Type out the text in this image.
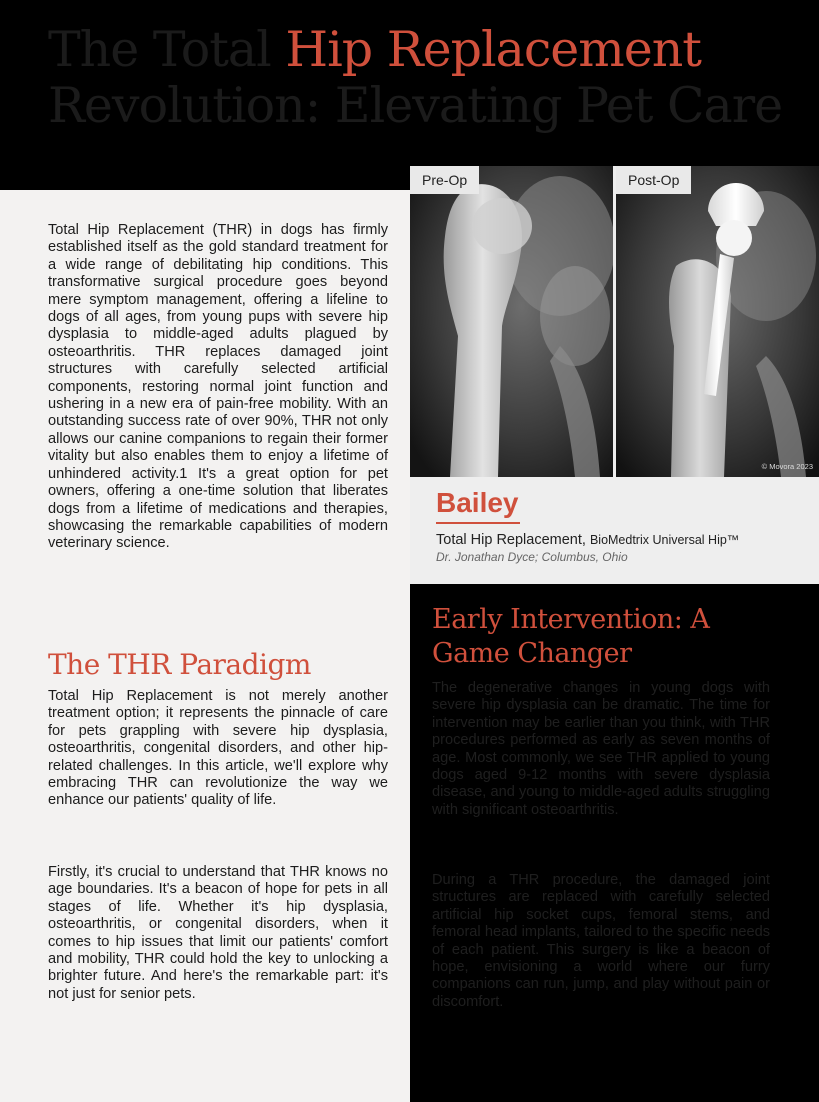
The Total Hip Replacement Revolution: Elevating Pet Care

Total Hip Replacement (THR) in dogs has firmly established itself as the gold standard treatment for a wide range of debilitating hip conditions. This transformative surgical procedure goes beyond mere symptom management, offering a lifeline to dogs of all ages, from young pups with severe hip dysplasia to middle-aged adults plagued by osteoarthritis. THR replaces damaged joint structures with carefully selected artificial components, restoring normal joint function and ushering in a new era of pain-free mobility. With an outstanding success rate of over 90%, THR not only allows our canine companions to regain their former vitality but also enables them to enjoy a lifetime of unhindered activity.1 It's a great option for pet owners, offering a one-time solution that liberates dogs from a lifetime of medications and therapies, showcasing the remarkable capabilities of modern veterinary science.

The THR Paradigm

Total Hip Replacement is not merely another treatment option; it represents the pinnacle of care for pets grappling with severe hip dysplasia, osteoarthritis, congenital disorders, and other hip-related challenges. In this article, we'll explore why embracing THR can revolutionize the way we enhance our patients' quality of life.

Firstly, it's crucial to understand that THR knows no age boundaries. It's a beacon of hope for pets in all stages of life. Whether it's hip dysplasia, osteoarthritis, or congenital disorders, when it comes to hip issues that limit our patients' comfort and mobility, THR could hold the key to unlocking a brighter future. And here's the remarkable part: it's not just for senior pets.

Pre-Op	Post-Op
© Movora 2023

Bailey

Total Hip Replacement, BioMedtrix Universal Hip™

Dr. Jonathan Dyce; Columbus, Ohio

Early Intervention: A Game Changer

The degenerative changes in young dogs with severe hip dysplasia can be dramatic. The time for intervention may be earlier than you think, with THR procedures performed as early as seven months of age. Most commonly, we see THR applied to young dogs aged 9-12 months with severe dysplasia disease, and young to middle-aged adults struggling with significant osteoarthritis.

During a THR procedure, the damaged joint structures are replaced with carefully selected artificial hip socket cups, femoral stems, and femoral head implants, tailored to the specific needs of each patient. This surgery is like a beacon of hope, envisioning a world where our furry companions can run, jump, and play without pain or discomfort.
